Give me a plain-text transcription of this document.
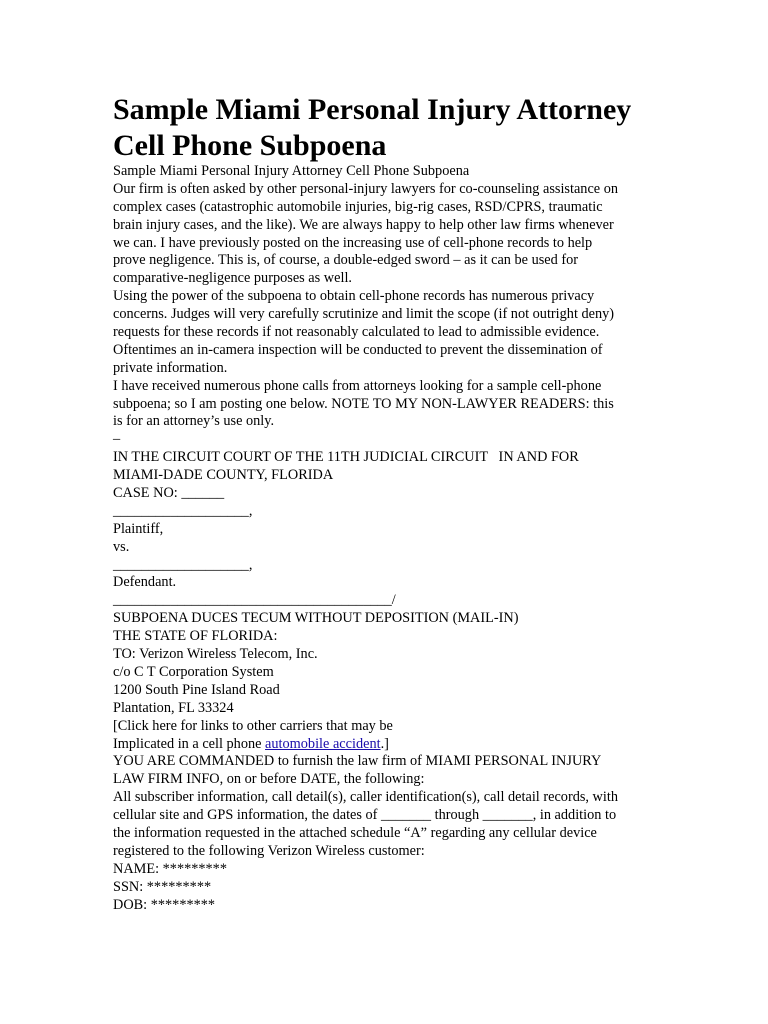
Sample Miami Personal Injury Attorney
Cell Phone Subpoena
Sample Miami Personal Injury Attorney Cell Phone Subpoena
Our firm is often asked by other personal-injury lawyers for co-counseling assistance on
complex cases (catastrophic automobile injuries, big-rig cases, RSD/CPRS, traumatic
brain injury cases, and the like). We are always happy to help other law firms whenever
we can. I have previously posted on the increasing use of cell-phone records to help
prove negligence. This is, of course, a double-edged sword – as it can be used for
comparative-negligence purposes as well.
Using the power of the subpoena to obtain cell-phone records has numerous privacy
concerns. Judges will very carefully scrutinize and limit the scope (if not outright deny)
requests for these records if not reasonably calculated to lead to admissible evidence.
Oftentimes an in-camera inspection will be conducted to prevent the dissemination of
private information.
I have received numerous phone calls from attorneys looking for a sample cell-phone
subpoena; so I am posting one below. NOTE TO MY NON-LAWYER READERS: this
is for an attorney’s use only.
–
IN THE CIRCUIT COURT OF THE 11TH JUDICIAL CIRCUIT   IN AND FOR
MIAMI-DADE COUNTY, FLORIDA
CASE NO: ______
___________________,
Plaintiff,
vs.
___________________,
Defendant.
_______________________________________/
SUBPOENA DUCES TECUM WITHOUT DEPOSITION (MAIL-IN)
THE STATE OF FLORIDA:
TO: Verizon Wireless Telecom, Inc.
c/o C T Corporation System
1200 South Pine Island Road
Plantation, FL 33324
[Click here for links to other carriers that may be
Implicated in a cell phone automobile accident.]
YOU ARE COMMANDED to furnish the law firm of MIAMI PERSONAL INJURY
LAW FIRM INFO, on or before DATE, the following:
All subscriber information, call detail(s), caller identification(s), call detail records, with
cellular site and GPS information, the dates of _______ through _______, in addition to
the information requested in the attached schedule “A” regarding any cellular device
registered to the following Verizon Wireless customer:
NAME: *********
SSN: *********
DOB: *********
